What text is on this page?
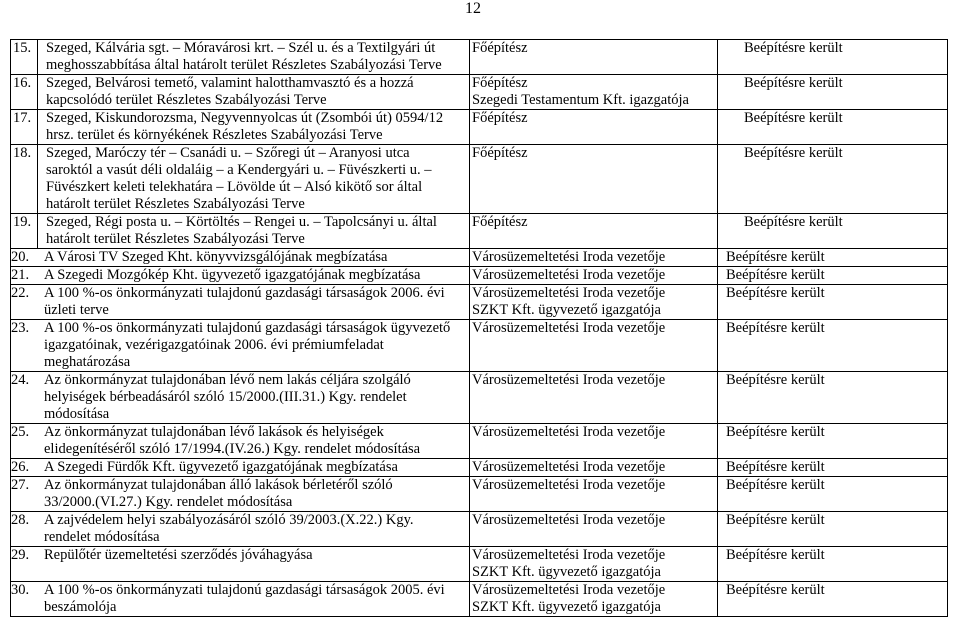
12
15.	Szeged, Kálvária sgt. – Móravárosi krt. – Szél u. és a Textilgyári út
meghosszabbítása által határolt terület Részletes Szabályozási Terve	Főépítész	Beépítésre került

16.	Szeged, Belvárosi temető, valamint halotthamvasztó és a hozzá
kapcsolódó terület Részletes Szabályozási Terve	Főépítész
Szegedi Testamentum Kft. igazgatója	Beépítésre került

17.	Szeged, Kiskundorozsma, Negyvennyolcas út (Zsombói út) 0594/12
hrsz. terület és környékének Részletes Szabályozási Terve	Főépítész	Beépítésre került

18.	Szeged, Maróczy tér – Csanádi u. – Szőregi út – Aranyosi utca
saroktól a vasút déli oldaláig – a Kendergyári u. – Füvészkerti u. –
Füvészkert keleti telekhatára – Lövölde út – Alsó kikötő sor által
határolt terület Részletes Szabályozási Terve	Főépítész	Beépítésre került

19.	Szeged, Régi posta u. – Körtöltés – Rengei u. – Tapolcsányi u. által
határolt terület Részletes Szabályozási Terve	Főépítész	Beépítésre került

20. A Városi TV Szeged Kht. könyvvizsgálójának megbízatása		Városüzemeltetési Iroda vezetője	Beépítésre került

21. A Szegedi Mozgókép Kht. ügyvezető igazgatójának megbízatása		Városüzemeltetési Iroda vezetője	Beépítésre került

22. A 100 %-os önkormányzati tulajdonú gazdasági társaságok 2006. évi
üzleti terve		Városüzemeltetési Iroda vezetője
SZKT Kft. ügyvezető igazgatója	Beépítésre került

23. A 100 %-os önkormányzati tulajdonú gazdasági társaságok ügyvezető
igazgatóinak, vezérigazgatóinak 2006. évi prémiumfeladat
meghatározása		Városüzemeltetési Iroda vezetője	Beépítésre került

24. Az önkormányzat tulajdonában lévő nem lakás céljára szolgáló
helyiségek bérbeadásáról szóló 15/2000.(III.31.) Kgy. rendelet
módosítása		Városüzemeltetési Iroda vezetője	Beépítésre került

25. Az önkormányzat tulajdonában lévő lakások és helyiségek
elidegenítéséről szóló 17/1994.(IV.26.) Kgy. rendelet módosítása		Városüzemeltetési Iroda vezetője	Beépítésre került

26. A Szegedi Fürdők Kft. ügyvezető igazgatójának megbízatása		Városüzemeltetési Iroda vezetője	Beépítésre került

27. Az önkormányzat tulajdonában álló lakások bérletéről szóló
33/2000.(VI.27.) Kgy. rendelet módosítása		Városüzemeltetési Iroda vezetője	Beépítésre került

28. A zajvédelem helyi szabályozásáról szóló 39/2003.(X.22.) Kgy.
rendelet módosítása		Városüzemeltetési Iroda vezetője	Beépítésre került

29. Repülőtér üzemeltetési szerződés jóváhagyása		Városüzemeltetési Iroda vezetője
SZKT Kft. ügyvezető igazgatója	Beépítésre került

30. A 100 %-os önkormányzati tulajdonú gazdasági társaságok 2005. évi
beszámolója		Városüzemeltetési Iroda vezetője
SZKT Kft. ügyvezető igazgatója	Beépítésre került
